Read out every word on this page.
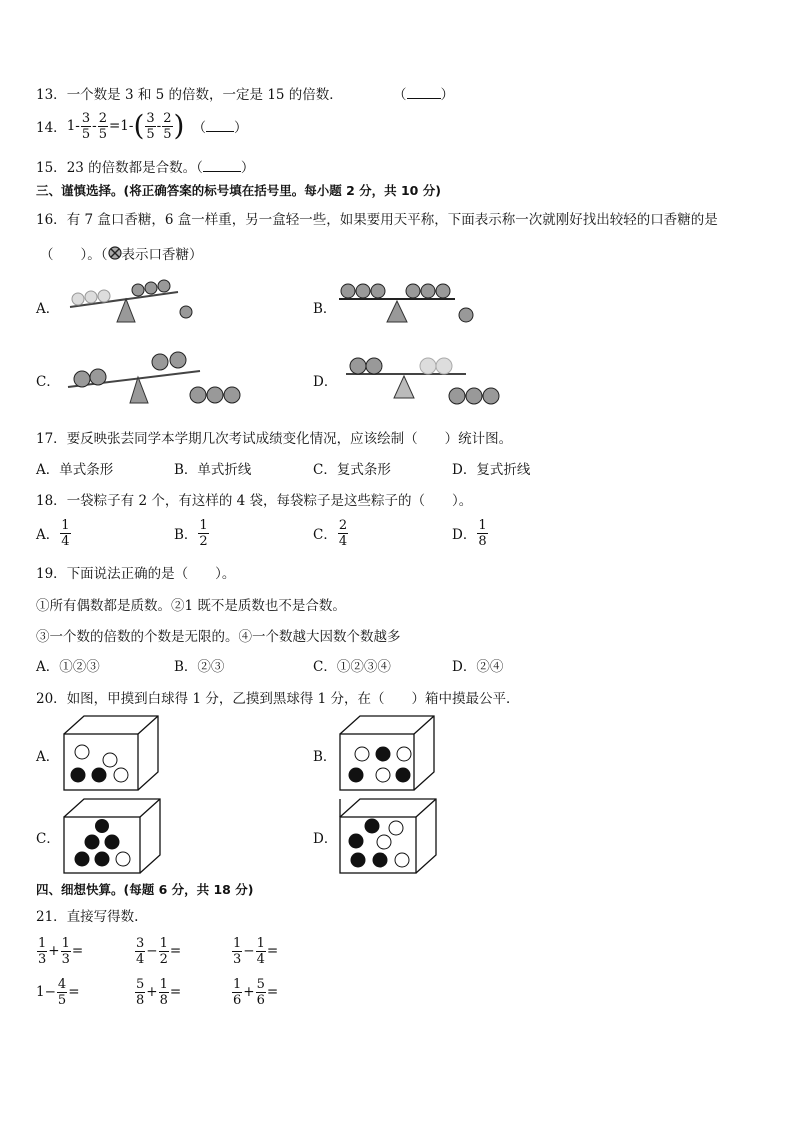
13．一个数是 3 和 5 的倍数，一定是 15 的倍数．	（	）
14． $1 - \frac{3}{5} - \frac{2}{5} = 1$ - ( $\frac{3}{5} - \frac{2}{5}$ ) （ ）
15．23 的倍数都是合数。（	）
三、谨慎选择。(将正确答案的标号填在括号里。每小题 2 分，共 10 分)
16．有 7 盒口香糖，6 盒一样重，另一盒轻一些，如果要用天平称，下面表示称一次就刚好找出较轻的口香糖的是
（　　）。（ 表示口香糖）
A．	B．
C．	D．
17．要反映张芸同学本学期几次考试成绩变化情况，应该绘制（　　）统计图。
A．单式条形	B．单式折线	C．复式条形	D．复式折线
18．一袋粽子有 2 个，有这样的 4 袋，每袋粽子是这些粽子的（　　）。
A． $\frac{1}{4}$	B． $\frac{1}{2}$	C． $\frac{2}{4}$	D． $\frac{1}{8}$
19．下面说法正确的是（　　）。
①所有偶数都是质数。②1 既不是质数也不是合数。
③一个数的倍数的个数是无限的。④一个数越大因数个数越多
A．①②③	B．②③	C．①②③④	D．②④
20．如图，甲摸到白球得 1 分，乙摸到黑球得 1 分，在（　　）箱中摸最公平．
A．	B．
C．	D．
四、细想快算。(每题 6 分，共 18 分)
21．直接写得数.
$\frac{1}{3} + \frac{1}{3}$ =	$\frac{3}{4} - \frac{1}{2}$ =	$\frac{1}{3} - \frac{1}{4}$ =
$1 - \frac{4}{5}$ =	$\frac{5}{8} + \frac{1}{8}$ =	$\frac{1}{6} + \frac{5}{6}$ =
